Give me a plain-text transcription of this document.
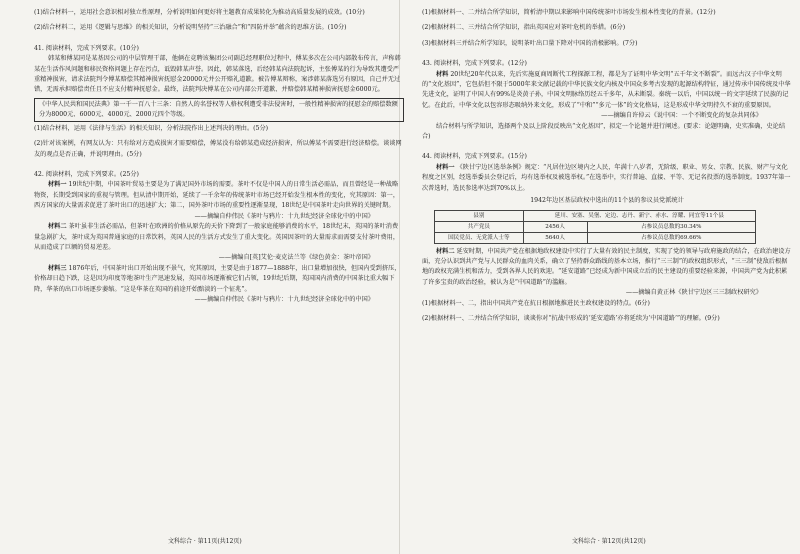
(1)结合材料一，运用社会意识相对独立性原理，分析说明如何更好将主题教育成果转化为推动高质量发展的成效。(10分)

(2)结合材料二，运用《逻辑与思维》的相关知识，分析说明坚持“三治融合”和“四防并举”蕴含的思维方法。(10分)

41. 阅读材料，完成下列要求。(10分)

韩某和傅某同是某基因公司的中层管理干部，他俩在竞聘该集团公司副总经理职位过程中，傅某多次在公司内部散布传言，声称韩某在生活作风问题和移民资格问题上存在污点，诋毁韩某声誉。因此，韩某落选，后经韩某向法院起诉，主张傅某的行为导致其遭受严重精神损害，请求法院判令傅某赔偿其精神损害抚慰金20000元并公开赔礼道歉。被告傅某辩称，案涉韩某落选另有原因，自己并无过错，无需承担赔偿责任且不应支付精神抚慰金。最终，法院判决傅某在公司内部公开道歉、并赔偿韩某精神损害抚慰金6000元。

《中华人民共和国民法典》第一千一百八十三条：自然人的名誉权等人格权利遭受非法侵害时，一般性精神损害的抚慰金的赔偿数额分为8000元、6000元、4000元、2000元四个等级。

(1)结合材料，运用《法律与生活》的相关知识，分析法院作出上述判决的理由。(5分)

(2)针对该案例，有网友认为：只有给对方造成损害才需要赔偿，傅某没有给韩某造成经济损害，所以傅某不需要进行经济赔偿。谈谈网友的观点是否正确，并说明理由。(5分)

42. 阅读材料，完成下列要求。(25分)

材料一 19世纪中期，中国茶叶贸易主要是为了满足国外市场的需要。茶叶不仅是中国人的日常生活必需品，而且曾经是一种战略物资，长期受到国家的重视与管理。但从清中期开始，延续了一千余年的传统茶叶市场已经开始发生根本性的变化，究其原因：第一，西方国家的大量需求促进了茶叶出口的迅速扩大；第二，国外茶叶市场的重要性逐渐显现，18世纪是中国茶叶走向世界的关键时期。

——摘编自仲伟民《茶叶与鸦片：十九世纪经济全球化中的中国》

材料二 茶叶虽非生活必需品，但茶叶在欧洲的价格从原先的天价下降到了一般家庭能够消费的水平，18世纪末，英国的茶叶消费量急剧扩大，茶叶成为英国普通家庭的日常饮料，英国人民的生活方式发生了重大变化。英国因茶叶的大量需求而需要支付茶叶费用，从而造成了巨额的贸易逆差。

——摘编自[英]艾伦·麦克法兰等《绿色黄金：茶叶帝国》

材料三 1876年后，中国茶叶出口开始出现不景气，究其原因，主要是由于1877—1888年，出口量增加很快，但国内受到挤压，价格却日趋下跌，这是因为印度等地茶叶生产迅速发展，英国市场逐渐被它们占领，19世纪后期，英国国内消费的中国茶比重大幅下降，华茶的出口市场逐步萎缩。“这是华茶在英国的前途开始黯淡的一个征兆”。

——摘编自仲伟民《茶叶与鸦片：十九世纪经济全球化中的中国》

文科综合 · 第11页(共12页)

(1)根据材料一、二并结合所学知识，简析清中期以来影响中国传统茶叶市场发生根本性变化的背景。(12分)

(2)根据材料二、三并结合所学知识，指出英国应对茶叶危机的举措。(6分)

(3)根据材料三并结合所学知识，说明茶叶出口量下降对中国的消极影响。(7分)

43. 阅读材料，完成下列要求。(12分)

材料 20世纪20年代以来，先后实施夏商周断代工程探源工程，都是为了证明中华文明“五千年文不断裂”。而远古汉子中华文明的“文化基因”，它包括但不限于5000年来文献记载的中华民族文化内核及中国众多考古发现的起源结构特征，通过传承中国传统及中华先进文化，证明了中国人有99%是炎黄子孙，中国文明脉络历经五千多年，从未断裂。秦统一以后，中国以统一的文字延续了民族的记忆。在此后，中华文化以包容形态吸纳外来文化，形成了“中和”“多元一体”的文化格局，这是形成中华文明持久不衰的重要原因。

——摘编自许倬云《说中国：一个不断变化的复杂共同体》

结合材料与所学知识，选择两个及以上阶段反映出“文化基因”，拟定一个论题并进行阐述。(要求：论题明确，史实准确，史论结合)

44. 阅读材料，完成下列要求。(15分)

材料一 《陕甘宁边区选举条例》规定：“凡居住边区境内之人民，年满十八岁者，无阶级、职业、男女、宗教、民族、财产与文化程度之区别，经选举委员会登记后，均有选举权及被选举权。”在选举中，实行普遍、直接、平等、无记名投票的选举制度。1937年第一次普选时，选民参选率达到70%以上。

1942年边区基层政权中选出的11个县的参议员党派统计

县别	延川、安塞、吴堡、定边、志丹、新宁、赤水、淳耀、同宜等11个县	
共产党员	2456人	占参议员总数的30.34%
国民党员、无党派人士等	5640人	占参议员总数的69.66%

材料二 延安时期，中国共产党在根据地政权建设中实行了大量有效的民主制度，实现了党的领导与政府施政的结合，在政治建设方面，充分认识到共产党与人民群众的血肉关系，确立了坚持群众路线的基本立场，推行“三三制”的政权组织形式，“三三制”使敌后根据地的政权充满生机和活力，受到各界人民的欢迎。“延安道路”已经成为新中国成立后的民主建设的重要经验来源，中国共产党为此积累了许多宝贵的政治经验，被认为是“中国道路”的滥觞。

——摘编自黄正林《陕甘宁边区三三制政权研究》

(1)根据材料一、二，指出中国共产党在抗日根据地推进民主政权建设的特点。(6分)

(2)根据材料一、二并结合所学知识，谈谈你对“抗战中形成的‘延安道路’亦将延续为‘中国道路’”的理解。(9分)

文科综合 · 第12页(共12页)
